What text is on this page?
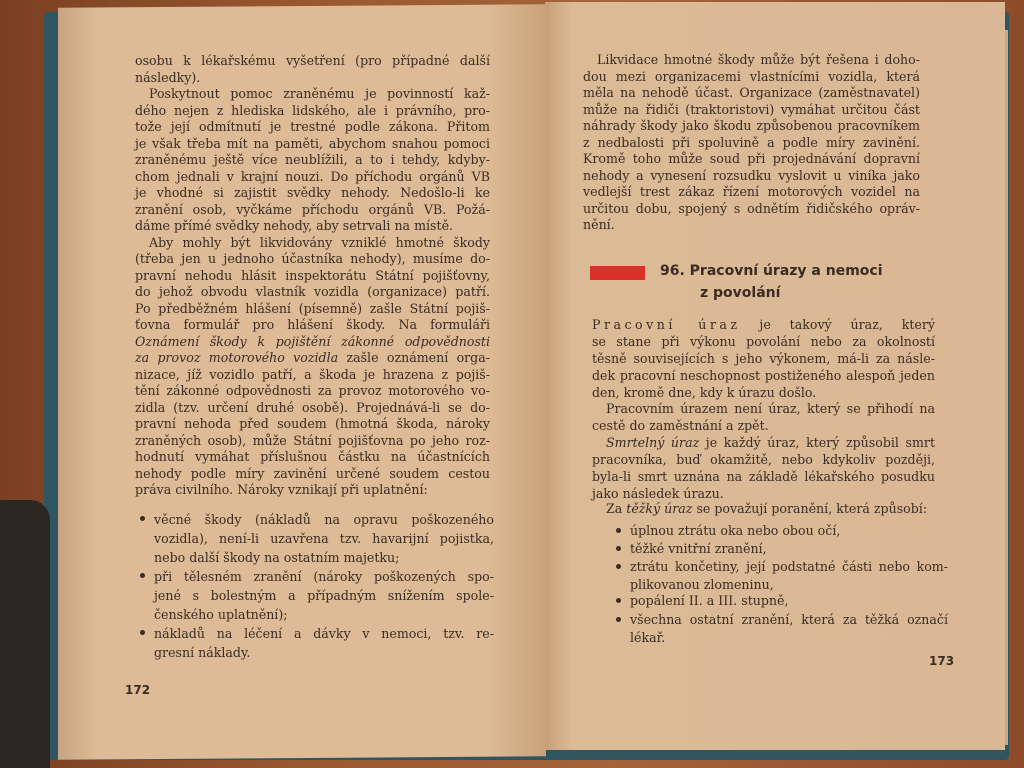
osobu k lékařskému vyšetření (pro případné další
následky).
Poskytnout pomoc zraněnému je povinností kaž-
dého nejen z hlediska lidského, ale i právního, pro-
tože její odmítnutí je trestné podle zákona. Přitom
je však třeba mít na paměti, abychom snahou pomoci
zraněnému ještě více neublížili, a to i tehdy, kdyby-
chom jednali v krajní nouzi. Do příchodu orgánů VB
je vhodné si zajistit svědky nehody. Nedošlo-li ke
zranění osob, vyčkáme příchodu orgánů VB. Požá-
dáme přímé svědky nehody, aby setrvali na místě.
Aby mohly být likvidovány vzniklé hmotné škody
(třeba jen u jednoho účastníka nehody), musíme do-
pravní nehodu hlásit inspektorátu Státní pojišťovny,
do jehož obvodu vlastník vozidla (organizace) patří.
Po předběžném hlášení (písemně) zašle Státní pojiš-
ťovna formulář pro hlášení škody. Na formuláři
Oznámení škody k pojištění zákonné odpovědnosti
za provoz motorového vozidla zašle oznámení orga-
nizace, jíž vozidlo patří, a škoda je hrazena z pojiš-
tění zákonné odpovědnosti za provoz motorového vo-
zidla (tzv. určení druhé osobě). Projednává-li se do-
pravní nehoda před soudem (hmotná škoda, nároky
zraněných osob), může Státní pojišťovna po jeho roz-
hodnutí vymáhat příslušnou částku na účastnících
nehody podle míry zavinění určené soudem cestou
práva civilního. Nároky vznikají při uplatnění:
věcné škody (nákladů na opravu poškozeného
vozidla), není-li uzavřena tzv. havarijní pojistka,
nebo další škody na ostatním majetku;
při tělesném zranění (nároky poškozených spo-
jené s bolestným a případným snížením spole-
čenského uplatnění);
nákladů na léčení a dávky v nemoci, tzv. re-
gresní náklady.
Likvidace hmotné škody může být řešena i doho-
dou mezi organizacemi vlastnícími vozidla, která
měla na nehodě účast. Organizace (zaměstnavatel)
může na řidiči (traktoristovi) vymáhat určitou část
náhrady škody jako škodu způsobenou pracovníkem
z nedbalosti při spoluvině a podle míry zavinění.
Kromě toho může soud při projednávání dopravní
nehody a vynesení rozsudku vyslovit u viníka jako
vedlejší trest zákaz řízení motorových vozidel na
určitou dobu, spojený s odnětím řidičského opráv-
nění.
Pracovní úraz je takový úraz, který
se stane při výkonu povolání nebo za okolností
těsně souvisejících s jeho výkonem, má-li za násle-
dek pracovní neschopnost postiženého alespoň jeden
den, kromě dne, kdy k úrazu došlo.
Pracovním úrazem není úraz, který se přihodí na
cestě do zaměstnání a zpět.
Smrtelný úraz je každý úraz, který způsobil smrt
pracovníka, buď okamžitě, nebo kdykoliv později,
byla-li smrt uznána na základě lékařského posudku
jako následek úrazu.
Za těžký úraz se považují poranění, která způsobí:
úplnou ztrátu oka nebo obou očí,
těžké vnitřní zranění,
ztrátu končetiny, její podstatné části nebo kom-
plikovanou zlomeninu,
popálení II. a III. stupně,
všechna ostatní zranění, která za těžká označí
lékař.
96. Pracovní úrazy a nemoci
z povolání
172
173
